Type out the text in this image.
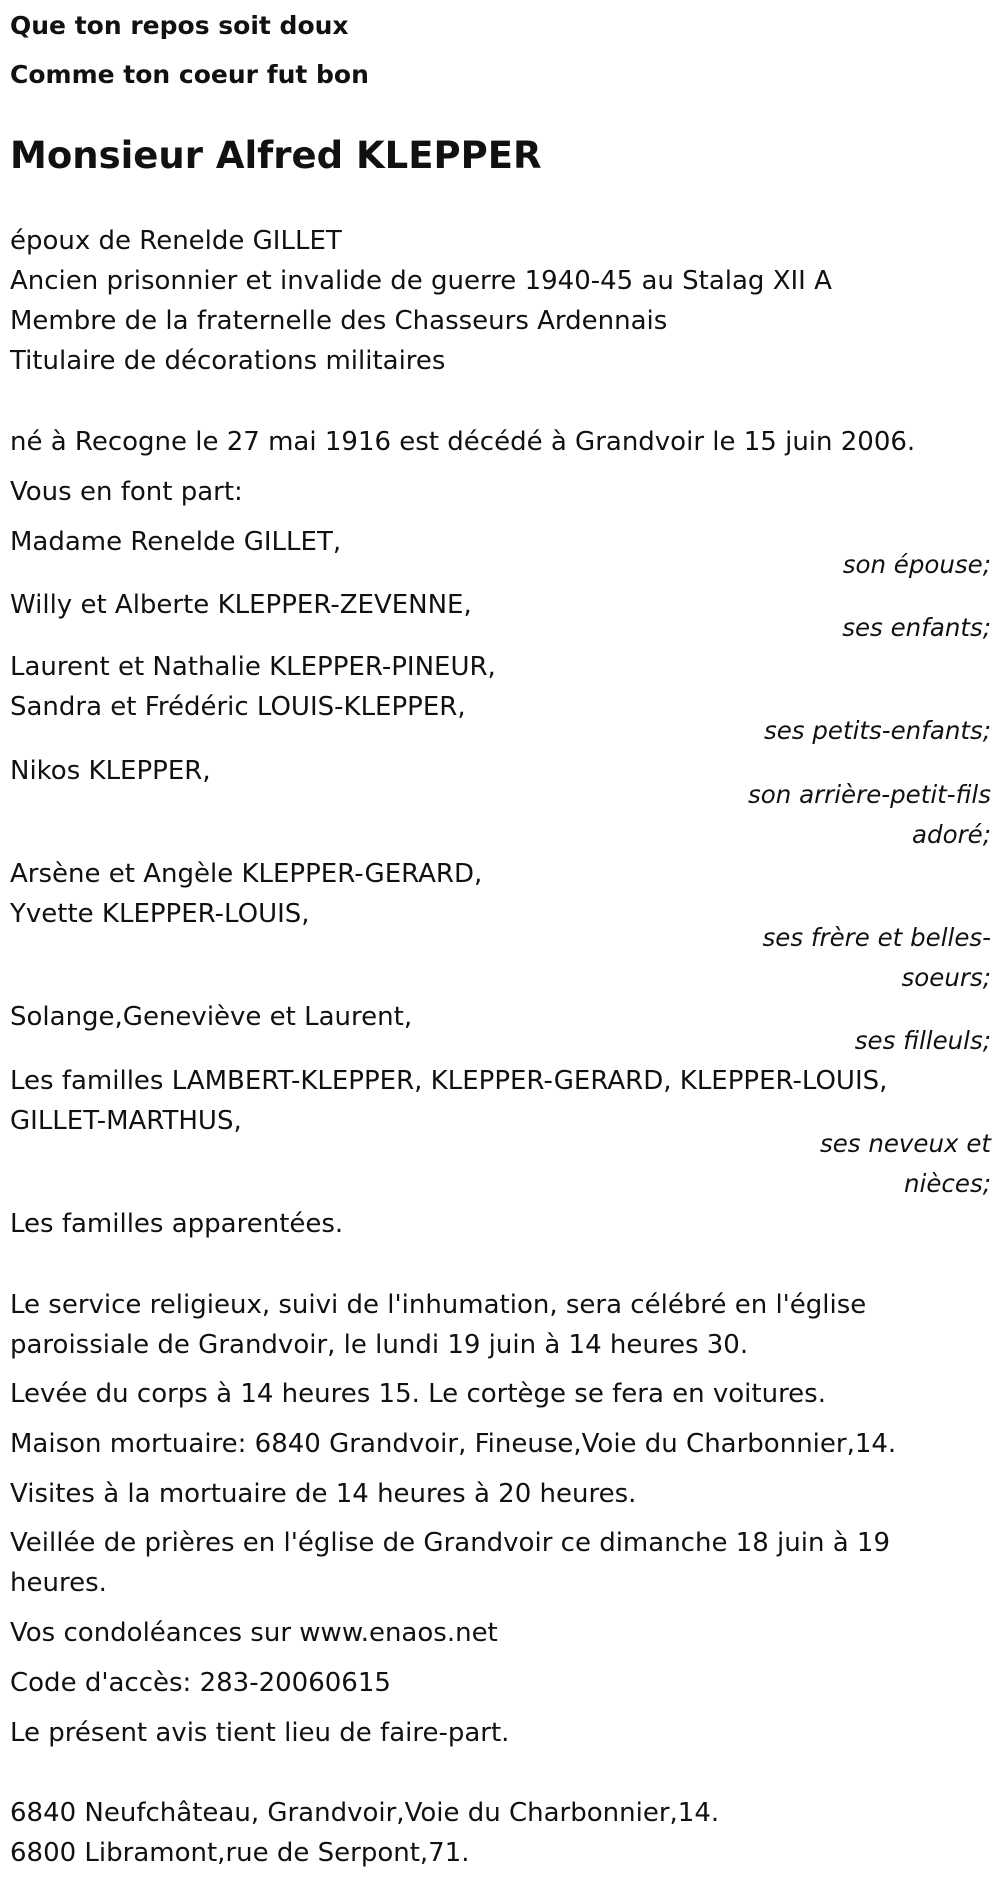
Que ton repos soit doux

Comme ton coeur fut bon

Monsieur Alfred KLEPPER

époux de Renelde GILLET

Ancien prisonnier et invalide de guerre 1940-45 au Stalag XII A

Membre de la fraternelle des Chasseurs Ardennais

Titulaire de décorations militaires

né à Recogne le 27 mai 1916 est décédé à Grandvoir le 15 juin 2006.

Vous en font part:

Madame Renelde GILLET,

son épouse;

Willy et Alberte KLEPPER-ZEVENNE,

ses enfants;

Laurent et Nathalie KLEPPER-PINEUR,

Sandra et Frédéric LOUIS-KLEPPER,

ses petits-enfants;

Nikos KLEPPER,

son arrière-petit-fils

adoré;

Arsène et Angèle KLEPPER-GERARD,

Yvette KLEPPER-LOUIS,

ses frère et belles-

soeurs;

Solange,Geneviève et Laurent,

ses filleuls;

Les familles LAMBERT-KLEPPER, KLEPPER-GERARD, KLEPPER-LOUIS,

GILLET-MARTHUS,

ses neveux et

nièces;

Les familles apparentées.

Le service religieux, suivi de l'inhumation, sera célébré en l'église

paroissiale de Grandvoir, le lundi 19 juin à 14 heures 30.

Levée du corps à 14 heures 15. Le cortège se fera en voitures.

Maison mortuaire: 6840 Grandvoir, Fineuse,Voie du Charbonnier,14.

Visites à la mortuaire de 14 heures à 20 heures.

Veillée de prières en l'église de Grandvoir ce dimanche 18 juin à 19

heures.

Vos condoléances sur www.enaos.net

Code d'accès: 283-20060615

Le présent avis tient lieu de faire-part.

6840 Neufchâteau, Grandvoir,Voie du Charbonnier,14.

6800 Libramont,rue de Serpont,71.
